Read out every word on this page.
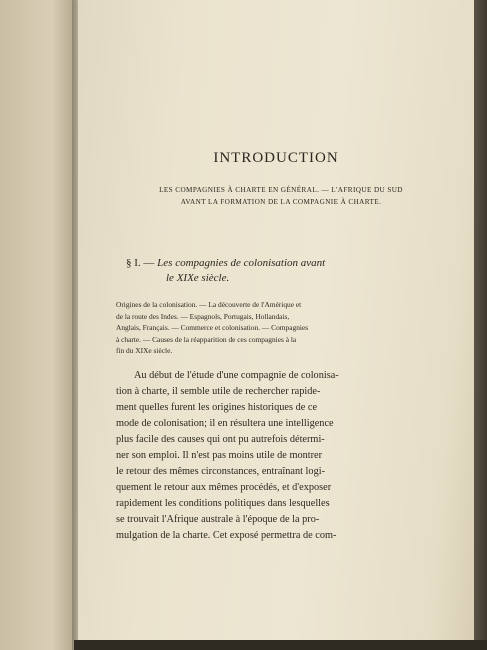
INTRODUCTION
LES COMPAGNIES À CHARTE EN GÉNÉRAL. — L'AFRIQUE DU SUD
AVANT LA FORMATION DE LA COMPAGNIE À CHARTE.
§ I. — Les compagnies de colonisation avant
le XIXe siècle.
Origines de la colonisation. — La découverte de l'Amérique et
de la route des Indes. — Espagnols, Portugais, Hollandais,
Anglais, Français. — Commerce et colonisation. — Compagnies
à charte. — Causes de la réapparition de ces compagnies à la
fin du XIXe siècle.
Au début de l'étude d'une compagnie de colonisa-
tion à charte, il semble utile de rechercher rapide-
ment quelles furent les origines historiques de ce
mode de colonisation; il en résultera une intelligence
plus facile des causes qui ont pu autrefois détermi-
ner son emploi. Il n'est pas moins utile de montrer
le retour des mêmes circonstances, entraînant logi-
quement le retour aux mêmes procédés, et d'exposer
rapidement les conditions politiques dans lesquelles
se trouvait l'Afrique australe à l'époque de la pro-
mulgation de la charte. Cet exposé permettra de com-
